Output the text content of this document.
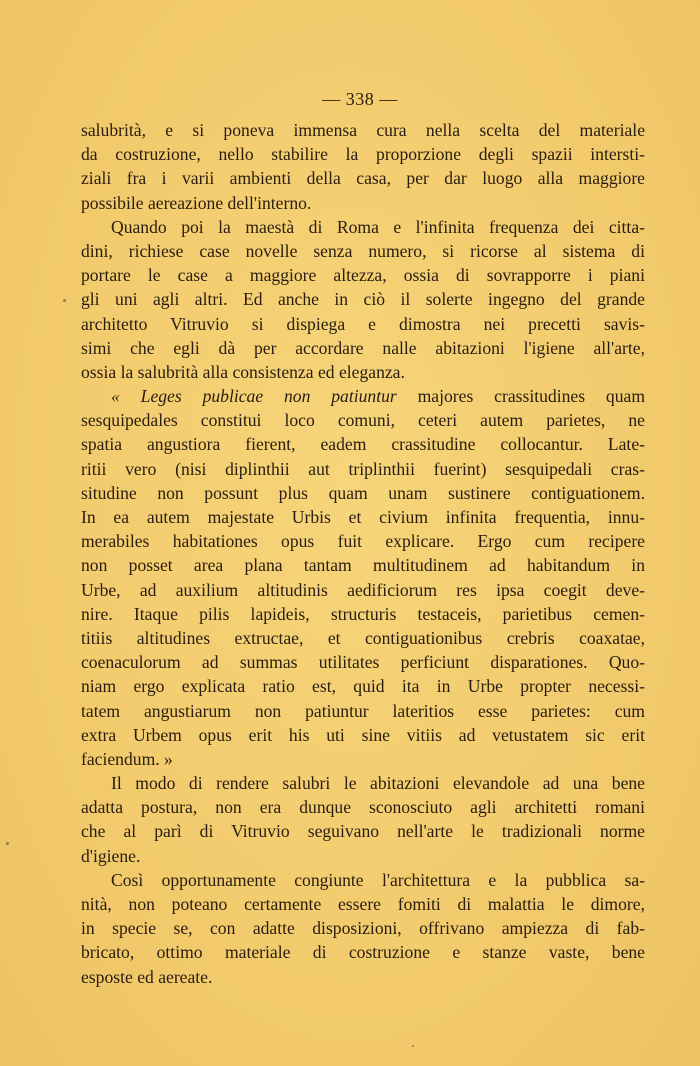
— 338 —
salubrità, e si poneva immensa cura nella scelta del materiale
da costruzione, nello stabilire la proporzione degli spazii intersti-
ziali fra i varii ambienti della casa, per dar luogo alla maggiore
possibile aereazione dell'interno.
Quando poi la maestà di Roma e l'infinita frequenza dei citta-
dini, richiese case novelle senza numero, si ricorse al sistema di
portare le case a maggiore altezza, ossia di sovrapporre i piani
gli uni agli altri. Ed anche in ciò il solerte ingegno del grande
architetto Vitruvio si dispiega e dimostra nei precetti savis-
simi che egli dà per accordare nalle abitazioni l'igiene all'arte,
ossia la salubrità alla consistenza ed eleganza.
« Leges publicae non patiuntur majores crassitudines quam
sesquipedales constitui loco comuni, ceteri autem parietes, ne
spatia angustiora fierent, eadem crassitudine collocantur. Late-
ritii vero (nisi diplinthii aut triplinthii fuerint) sesquipedali cras-
situdine non possunt plus quam unam sustinere contiguationem.
In ea autem majestate Urbis et civium infinita frequentia, innu-
merabiles habitationes opus fuit explicare. Ergo cum recipere
non posset area plana tantam multitudinem ad habitandum in
Urbe, ad auxilium altitudinis aedificiorum res ipsa coegit deve-
nire. Itaque pilis lapideis, structuris testaceis, parietibus cemen-
titiis altitudines extructae, et contiguationibus crebris coaxatae,
coenaculorum ad summas utilitates perficiunt disparationes. Quo-
niam ergo explicata ratio est, quid ita in Urbe propter necessi-
tatem angustiarum non patiuntur lateritios esse parietes: cum
extra Urbem opus erit his uti sine vitiis ad vetustatem sic erit
faciendum. »
Il modo di rendere salubri le abitazioni elevandole ad una bene
adatta postura, non era dunque sconosciuto agli architetti romani
che al parì di Vitruvio seguivano nell'arte le tradizionali norme
d'igiene.
Così opportunamente congiunte l'architettura e la pubblica sa-
nità, non poteano certamente essere fomiti di malattia le dimore,
in specie se, con adatte disposizioni, offrivano ampiezza di fab-
bricato, ottimo materiale di costruzione e stanze vaste, bene
esposte ed aereate.
